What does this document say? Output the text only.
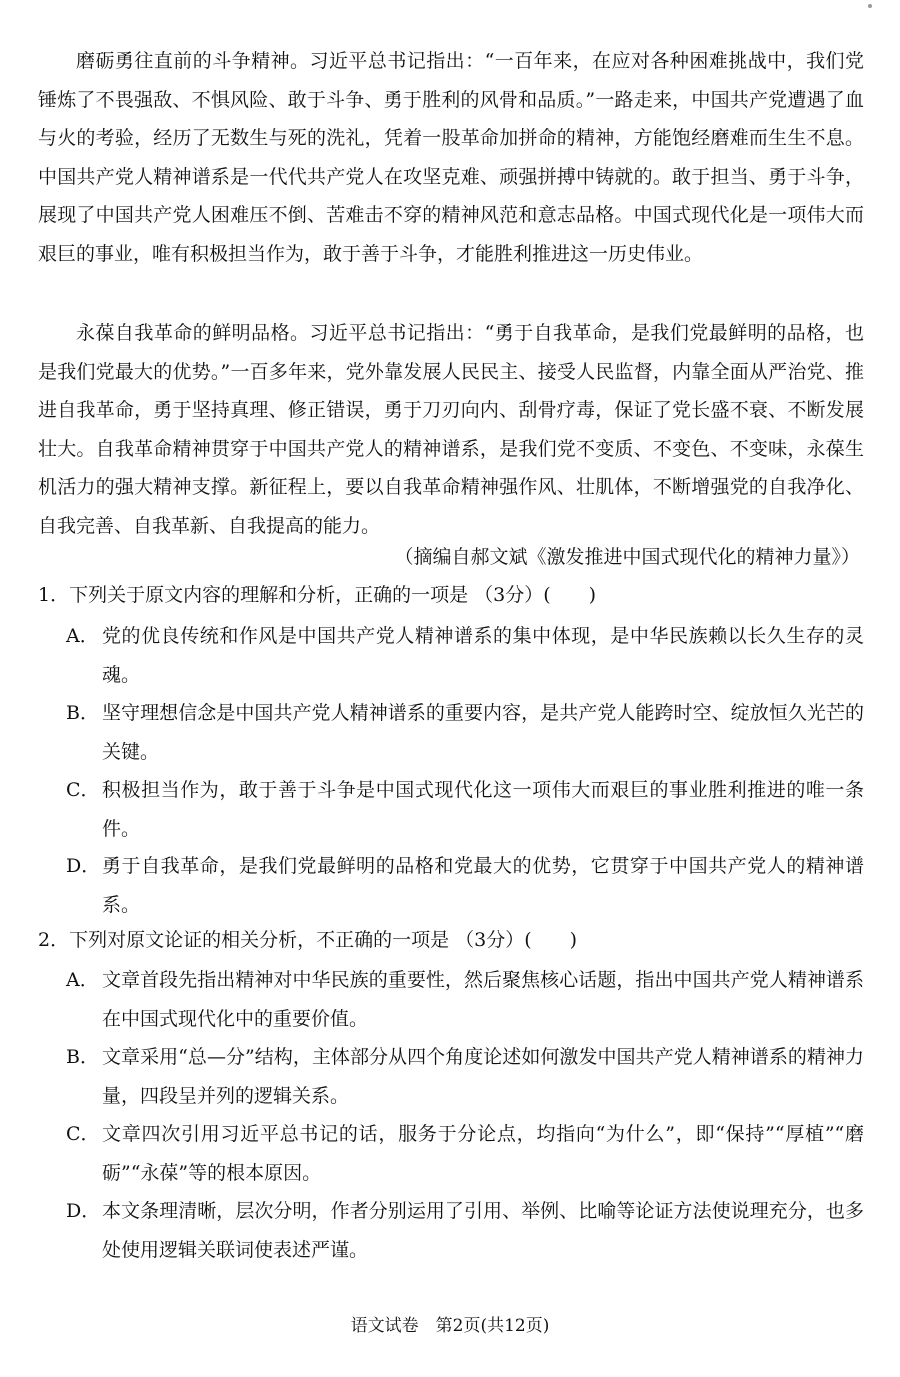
磨砺勇往直前的斗争精神。习近平总书记指出：“一百年来，在应对各种困难挑战中，我们党锤炼了不畏强敌、不惧风险、敢于斗争、勇于胜利的风骨和品质。”一路走来，中国共产党遭遇了血与火的考验，经历了无数生与死的洗礼，凭着一股革命加拼命的精神，方能饱经磨难而生生不息。中国共产党人精神谱系是一代代共产党人在攻坚克难、顽强拼搏中铸就的。敢于担当、勇于斗争，展现了中国共产党人困难压不倒、苦难击不穿的精神风范和意志品格。中国式现代化是一项伟大而艰巨的事业，唯有积极担当作为，敢于善于斗争，才能胜利推进这一历史伟业。

永葆自我革命的鲜明品格。习近平总书记指出：“勇于自我革命，是我们党最鲜明的品格，也是我们党最大的优势。”一百多年来，党外靠发展人民民主、接受人民监督，内靠全面从严治党、推进自我革命，勇于坚持真理、修正错误，勇于刀刃向内、刮骨疗毒，保证了党长盛不衰、不断发展壮大。自我革命精神贯穿于中国共产党人的精神谱系，是我们党不变质、不变色、不变味，永葆生机活力的强大精神支撑。新征程上，要以自我革命精神强作风、壮肌体，不断增强党的自我净化、自我完善、自我革新、自我提高的能力。

（摘编自郝文斌《激发推进中国式现代化的精神力量》）
1．下列关于原文内容的理解和分析，正确的一项是 （3分）(　　)
A． 党的优良传统和作风是中国共产党人精神谱系的集中体现，是中华民族赖以长久生存的灵魂。
B． 坚守理想信念是中国共产党人精神谱系的重要内容，是共产党人能跨时空、绽放恒久光芒的关键。
C． 积极担当作为，敢于善于斗争是中国式现代化这一项伟大而艰巨的事业胜利推进的唯一条件。
D． 勇于自我革命，是我们党最鲜明的品格和党最大的优势，它贯穿于中国共产党人的精神谱系。
2．下列对原文论证的相关分析，不正确的一项是 （3分）(　　)
A． 文章首段先指出精神对中华民族的重要性，然后聚焦核心话题，指出中国共产党人精神谱系在中国式现代化中的重要价值。
B． 文章采用“总—分”结构，主体部分从四个角度论述如何激发中国共产党人精神谱系的精神力量，四段呈并列的逻辑关系。
C． 文章四次引用习近平总书记的话，服务于分论点，均指向“为什么”，即“保持”“厚植”“磨砺”“永葆”等的根本原因。
D． 本文条理清晰，层次分明，作者分别运用了引用、举例、比喻等论证方法使说理充分，也多处使用逻辑关联词使表述严谨。
语文试卷　第2页(共12页)
